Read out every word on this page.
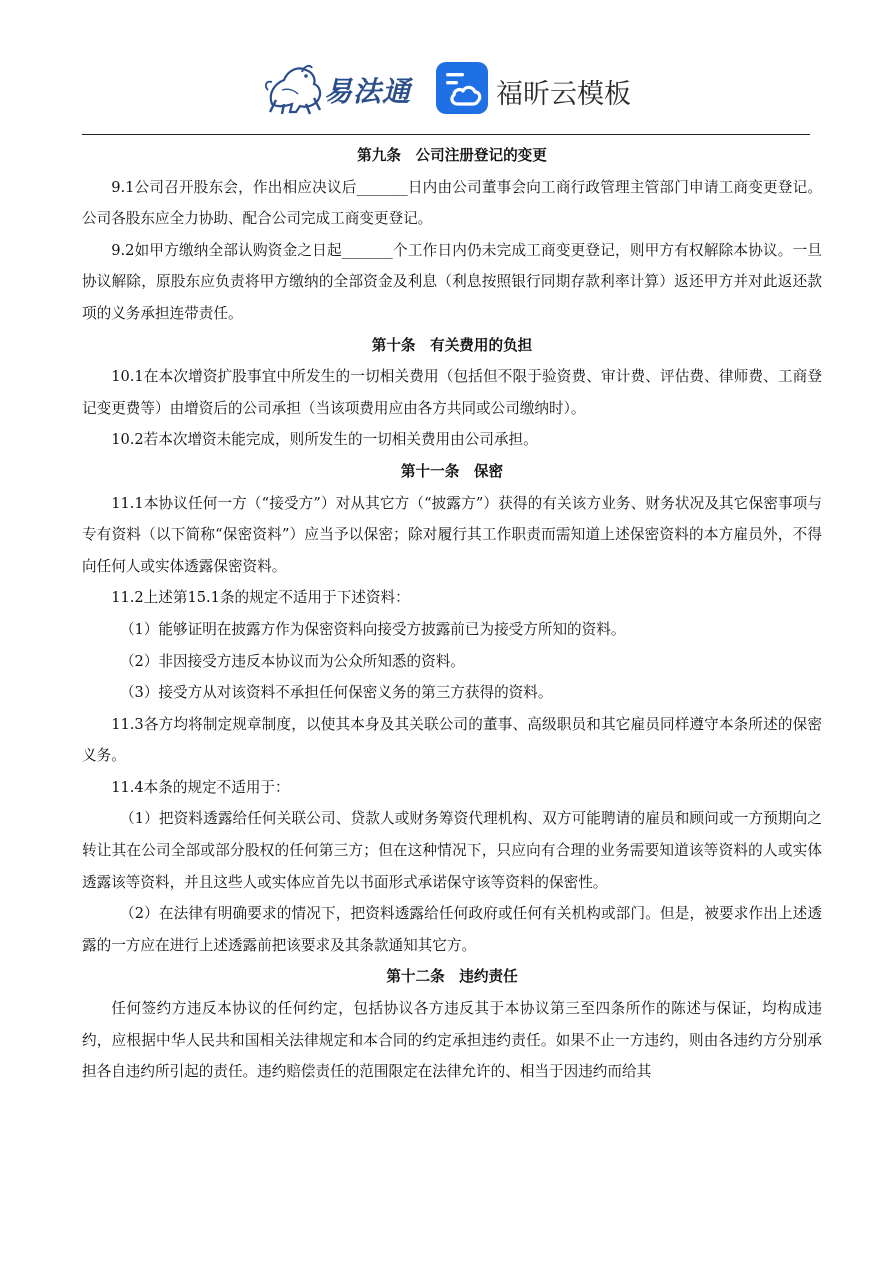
易法通	福昕云模板
第九条　公司注册登记的变更

9.1公司召开股东会，作出相应决议后_______日内由公司董事会向工商行政管理主管部门申请工商变更登记。公司各股东应全力协助、配合公司完成工商变更登记。

9.2如甲方缴纳全部认购资金之日起_______个工作日内仍未完成工商变更登记，则甲方有权解除本协议。一旦协议解除，原股东应负责将甲方缴纳的全部资金及利息（利息按照银行同期存款利率计算）返还甲方并对此返还款项的义务承担连带责任。

第十条　有关费用的负担

10.1在本次增资扩股事宜中所发生的一切相关费用（包括但不限于验资费、审计费、评估费、律师费、工商登记变更费等）由增资后的公司承担（当该项费用应由各方共同或公司缴纳时）。

10.2若本次增资未能完成，则所发生的一切相关费用由公司承担。

第十一条　保密

11.1本协议任何一方（“接受方”）对从其它方（“披露方”）获得的有关该方业务、财务状况及其它保密事项与专有资料（以下简称“保密资料”）应当予以保密；除对履行其工作职责而需知道上述保密资料的本方雇员外，不得向任何人或实体透露保密资料。

11.2上述第15.1条的规定不适用于下述资料：

（1）能够证明在披露方作为保密资料向接受方披露前已为接受方所知的资料。

（2）非因接受方违反本协议而为公众所知悉的资料。

（3）接受方从对该资料不承担任何保密义务的第三方获得的资料。

11.3各方均将制定规章制度，以使其本身及其关联公司的董事、高级职员和其它雇员同样遵守本条所述的保密义务。

11.4本条的规定不适用于：

（1）把资料透露给任何关联公司、贷款人或财务筹资代理机构、双方可能聘请的雇员和顾问或一方预期向之转让其在公司全部或部分股权的任何第三方；但在这种情况下，只应向有合理的业务需要知道该等资料的人或实体透露该等资料，并且这些人或实体应首先以书面形式承诺保守该等资料的保密性。

（2）在法律有明确要求的情况下，把资料透露给任何政府或任何有关机构或部门。但是，被要求作出上述透露的一方应在进行上述透露前把该要求及其条款通知其它方。

第十二条　违约责任

任何签约方违反本协议的任何约定，包括协议各方违反其于本协议第三至四条所作的陈述与保证，均构成违约，应根据中华人民共和国相关法律规定和本合同的约定承担违约责任。如果不止一方违约，则由各违约方分别承担各自违约所引起的责任。违约赔偿责任的范围限定在法律允许的、相当于因违约而给其
